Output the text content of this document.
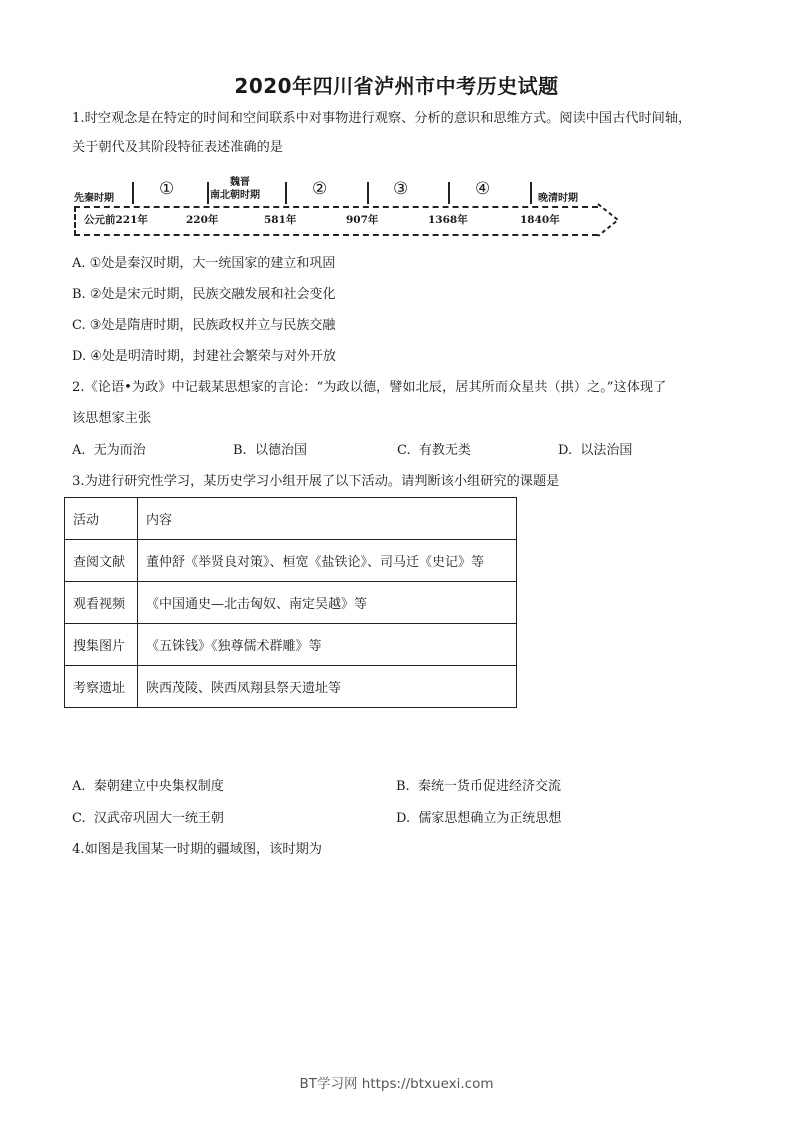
2020年四川省泸州市中考历史试题
1.时空观念是在特定的时间和空间联系中对事物进行观察、分析的意识和思维方式。阅读中国古代时间轴，
关于朝代及其阶段特征表述准确的是
先秦时期	①	魏晋
南北朝时期	②	③	④	晚清时期
公元前221年	220年	581年	907年	1368年	1840年
A. ①处是秦汉时期，大一统国家的建立和巩固
B. ②处是宋元时期，民族交融发展和社会变化
C. ③处是隋唐时期，民族政权并立与民族交融
D. ④处是明清时期，封建社会繁荣与对外开放
2.《论语•为政》中记载某思想家的言论：“为政以德，譬如北辰，居其所而众星共（拱）之。”这体现了
该思想家主张
A. 无为而治	B. 以德治国	C. 有教无类	D. 以法治国
3.为进行研究性学习，某历史学习小组开展了以下活动。请判断该小组研究的课题是
活动	内容
查阅文献	董仲舒《举贤良对策》、桓宽《盐铁论》、司马迁《史记》等
观看视频	《中国通史—北击匈奴、南定吴越》等
搜集图片	《五铢钱》《独尊儒术群雕》等
考察遗址	陕西茂陵、陕西凤翔县祭天遗址等
A. 秦朝建立中央集权制度	B. 秦统一货币促进经济交流
C. 汉武帝巩固大一统王朝	D. 儒家思想确立为正统思想
4.如图是我国某一时期的疆域图，该时期为
BT学习网 https://btxuexi.com
